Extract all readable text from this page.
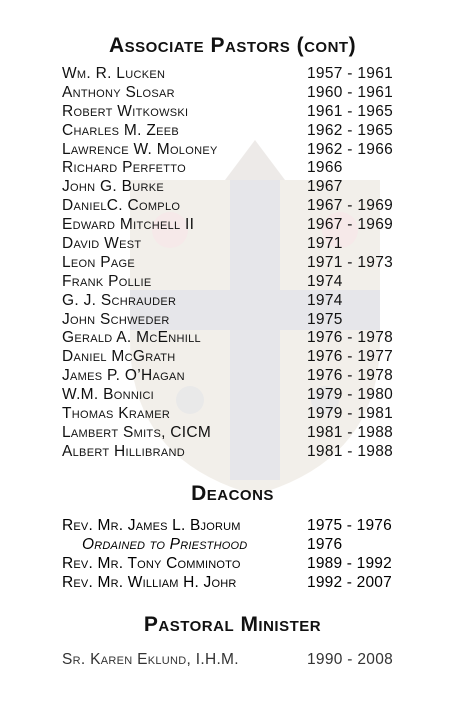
Associate Pastors (cont)
Wm. R. Lucken	1957 - 1961
Anthony Slosar	1960 - 1961
Robert Witkowski	1961 - 1965
Charles M. Zeeb	1962 - 1965
Lawrence W. Moloney	1962 - 1966
Richard Perfetto	1966
John G. Burke	1967
DanielC. Complo	1967 - 1969
Edward Mitchell II	1967 - 1969
David West	1971
Leon Page	1971 - 1973
Frank Pollie	1974
G. J. Schrauder	1974
John Schweder	1975
Gerald A. McEnhill	1976 - 1978
Daniel McGrath	1976 - 1977
James P. O’Hagan	1976 - 1978
W.M. Bonnici	1979 - 1980
Thomas Kramer	1979 - 1981
Lambert Smits, CICM	1981 - 1988
Albert Hillibrand	1981 - 1988
Deacons
Rev. Mr. James L. Bjorum	1975 - 1976
Ordained to Priesthood	1976
Rev. Mr. Tony Comminoto	1989 - 1992
Rev. Mr. William H. Johr	1992 - 2007
Pastoral Minister
Sr. Karen Eklund, I.H.M.	1990 - 2008
